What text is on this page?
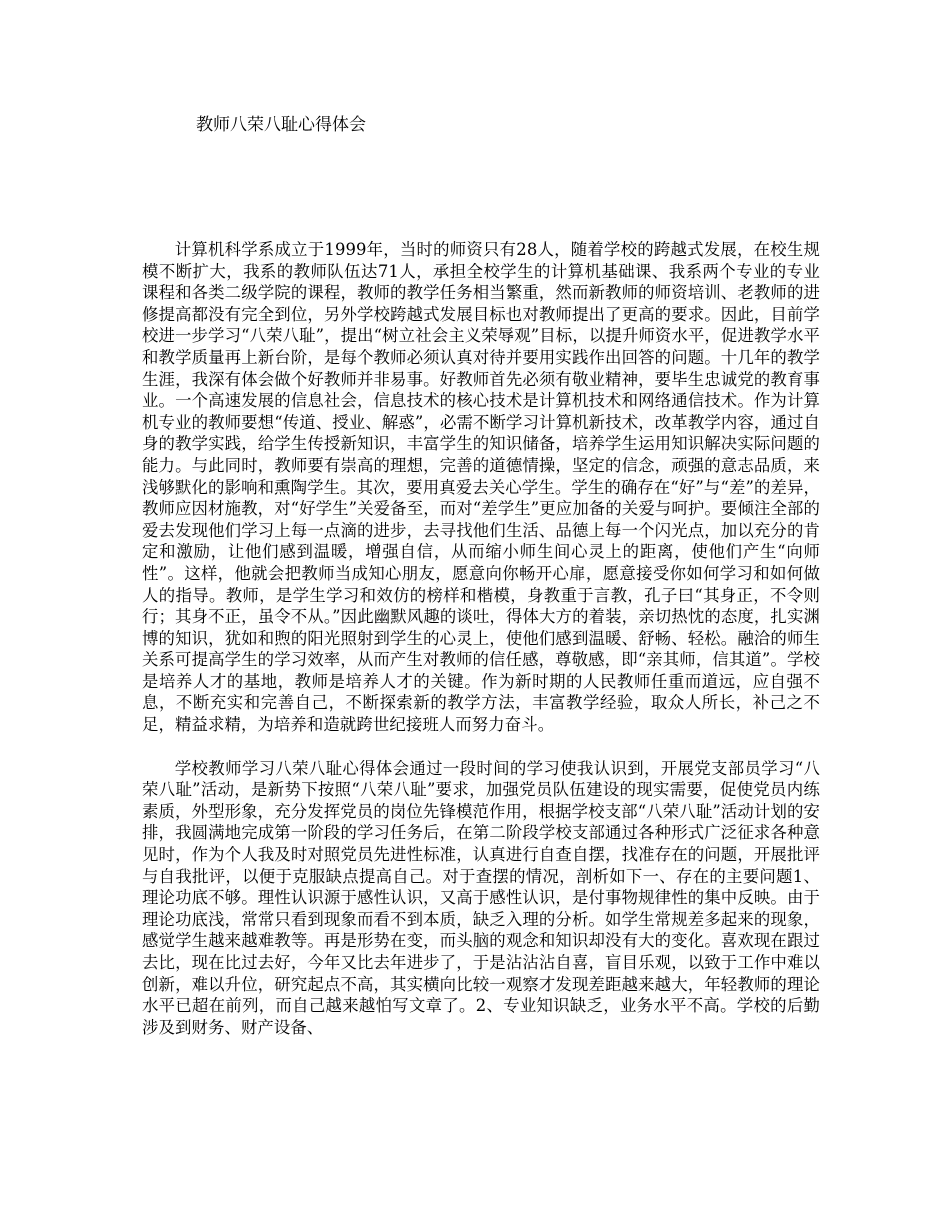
教师八荣八耻心得体会

计算机科学系成立于1999年，当时的师资只有28人，随着学校的跨越式发展，在校生规模不断扩大，我系的教师队伍达71人，承担全校学生的计算机基础课、我系两个专业的专业课程和各类二级学院的课程，教师的教学任务相当繁重，然而新教师的师资培训、老教师的进修提高都没有完全到位，另外学校跨越式发展目标也对教师提出了更高的要求。因此，目前学校进一步学习“八荣八耻”，提出“树立社会主义荣辱观”目标，以提升师资水平，促进教学水平和教学质量再上新台阶，是每个教师必须认真对待并要用实践作出回答的问题。十几年的教学生涯，我深有体会做个好教师并非易事。好教师首先必须有敬业精神，要毕生忠诚党的教育事业。一个高速发展的信息社会，信息技术的核心技术是计算机技术和网络通信技术。作为计算机专业的教师要想“传道、授业、解惑”，必需不断学习计算机新技术，改革教学内容，通过自身的教学实践，给学生传授新知识，丰富学生的知识储备，培养学生运用知识解决实际问题的能力。与此同时，教师要有崇高的理想，完善的道德情操，坚定的信念，顽强的意志品质，来浅够默化的影响和熏陶学生。其次，要用真爱去关心学生。学生的确存在“好”与“差”的差异，教师应因材施教，对“好学生”关爱备至，而对“差学生”更应加备的关爱与呵护。要倾注全部的爱去发现他们学习上每一点滴的进步，去寻找他们生活、品德上每一个闪光点，加以充分的肯定和激励，让他们感到温暖，增强自信，从而缩小师生间心灵上的距离，使他们产生“向师性”。这样，他就会把教师当成知心朋友，愿意向你畅开心扉，愿意接受你如何学习和如何做人的指导。教师，是学生学习和效仿的榜样和楷模，身教重于言教，孔子曰“其身正，不令则行；其身不正，虽令不从。”因此幽默风趣的谈吐，得体大方的着装，亲切热忱的态度，扎实渊博的知识，犹如和煦的阳光照射到学生的心灵上，使他们感到温暖、舒畅、轻松。融洽的师生关系可提高学生的学习效率，从而产生对教师的信任感，尊敬感，即“亲其师，信其道”。学校是培养人才的基地，教师是培养人才的关键。作为新时期的人民教师任重而道远，应自强不息，不断充实和完善自己，不断探索新的教学方法，丰富教学经验，取众人所长，补己之不足，精益求精，为培养和造就跨世纪接班人而努力奋斗。

学校教师学习八荣八耻心得体会通过一段时间的学习使我认识到，开展党支部员学习“八荣八耻”活动，是新势下按照“八荣八耻”要求，加强党员队伍建设的现实需要，促使党员内练素质，外型形象，充分发挥党员的岗位先锋模范作用，根据学校支部“八荣八耻”活动计划的安排，我圆满地完成第一阶段的学习任务后，在第二阶段学校支部通过各种形式广泛征求各种意见时，作为个人我及时对照党员先进性标准，认真进行自查自摆，找准存在的问题，开展批评与自我批评，以便于克服缺点提高自己。对于查摆的情况，剖析如下一、存在的主要问题1、理论功底不够。理性认识源于感性认识，又高于感性认识，是付事物规律性的集中反映。由于理论功底浅，常常只看到现象而看不到本质，缺乏入理的分析。如学生常规差多起来的现象，感觉学生越来越难教等。再是形势在变，而头脑的观念和知识却没有大的变化。喜欢现在跟过去比，现在比过去好，今年又比去年进步了，于是沾沾沾自喜，盲目乐观，以致于工作中难以创新，难以升位，研究起点不高，其实横向比较一观察才发现差距越来越大，年轻教师的理论水平已超在前列，而自己越来越怕写文章了。2、专业知识缺乏，业务水平不高。学校的后勤涉及到财务、财产设备、
